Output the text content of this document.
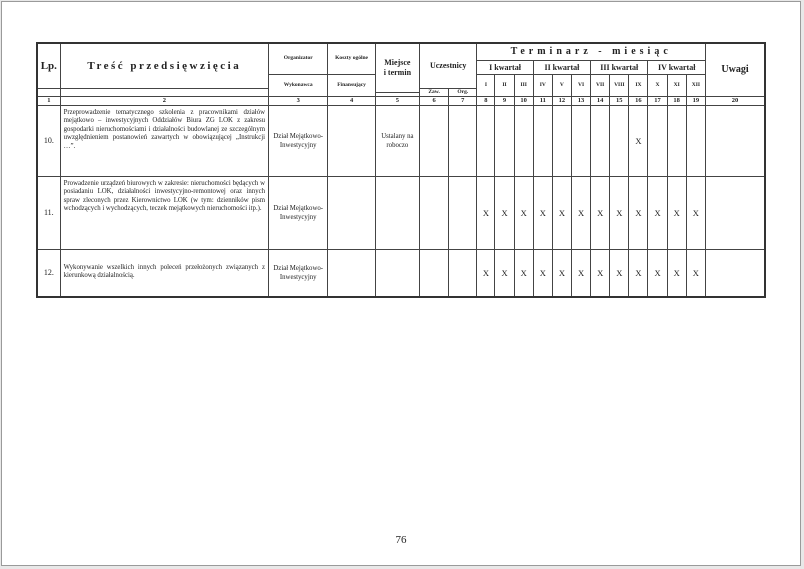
Lp.	Treść przedsięwzięcia	Organizator	Koszty ogólne	Miejsce
i termin	Uczestnicy		Terminarz - miesiąc												Uwagi
							I kwartał			II kwartał			III kwartał			IV kwartał			
		Wykonawca	Finansujący				I	II	III	IV	V	VI	VII	VIII	IX	X	XI	XII	
					Zaw.	Org.													

1	2	3	4	5	6	7	8	9	10	11	12	13	14	15	16	17	18	19	20
10.	Przeprowadzenie tematycznego szkolenia z pracownikami działów mejątkowo – inwestycyjnych Oddziałów Biura ZG LOK z zakresu gospodarki nieruchomościami i działalności budowlanej ze szczególnym uwzględnieniem postanowień zawartych w obowiązującej „Instrukcji …”.	Dział Mejątkowo-Inwestycyjny		Ustalany na roboczo											X				
11.	Prowadzenie urządzeń biurowych w zakresie: nieruchomości będących w posiadaniu LOK, działalności inwestycyjno-remontowej oraz innych spraw zleconych przez Kierownictwo LOK (w tym: dzienników pism wchodzących i wychodzących, teczek mejątkowych nieruchomości itp.).	Dział Mejątkowo-Inwestycyjny					X	X	X	X	X	X	X	X	X	X	X	X	
12.	Wykonywanie wszelkich innych poleceń przełożonych związanych z kierunkową działalnością.	Dział Mejątkowo-Inwestycyjny					X	X	X	X	X	X	X	X	X	X	X	X	
76
